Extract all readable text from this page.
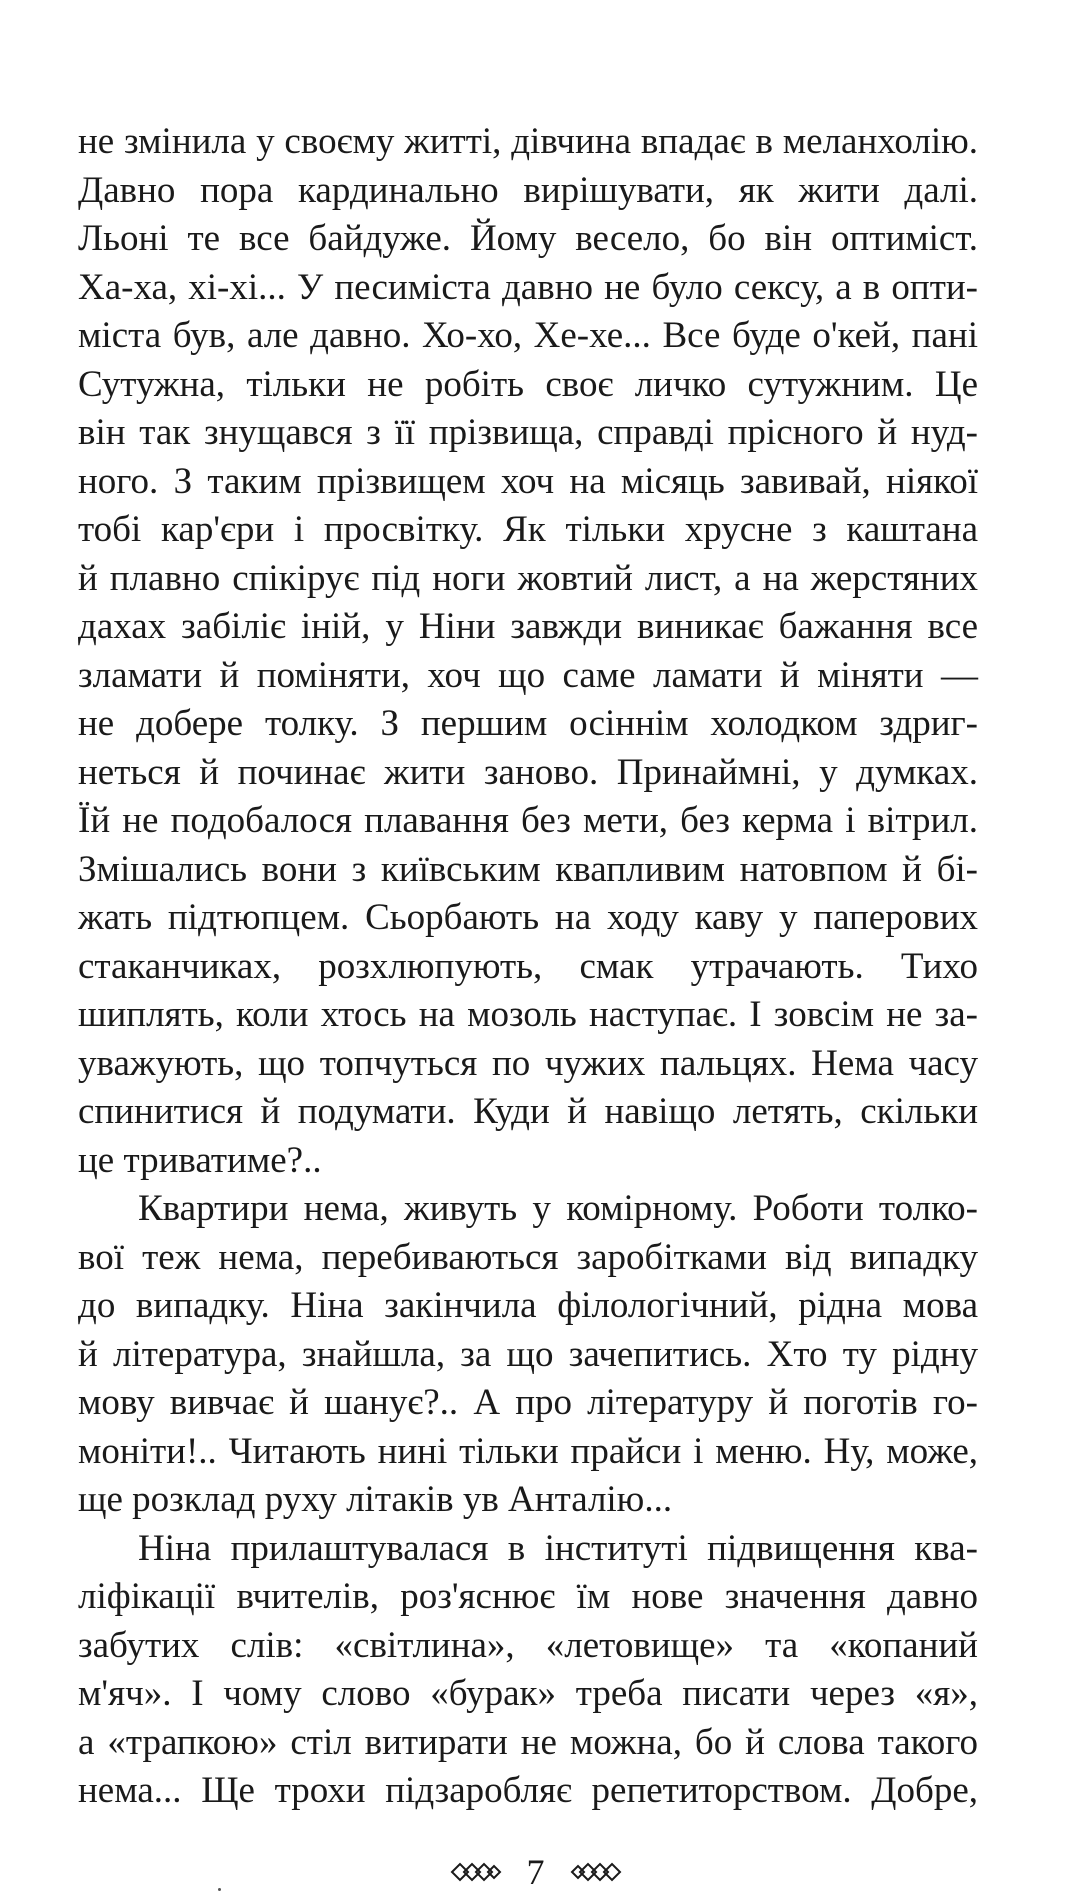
не змінила у своєму житті, дівчина впадає в меланхолію.

Давно пора кардинально вирішувати, як жити далі.

Льоні те все байдуже. Йому весело, бо він оптиміст.

Ха-ха, хі-хі... У песиміста давно не було сексу, а в опти-

міста був, але давно. Хо-хо, Хе-хе... Все буде о'кей, пані

Сутужна, тільки не робіть своє личко сутужним. Це

він так знущався з її прізвища, справді прісного й нуд-

ного. З таким прізвищем хоч на місяць завивай, ніякої

тобі кар'єри і просвітку. Як тільки хрусне з каштана

й плавно спікірує під ноги жовтий лист, а на жерстяних

дахах забіліє іній, у Ніни завжди виникає бажання все

зламати й поміняти, хоч що саме ламати й міняти —

не добере толку. З першим осіннім холодком здриг-

неться й починає жити заново. Принаймні, у думках.

Їй не подобалося плавання без мети, без керма і вітрил.

Змішались вони з київським квапливим натовпом й бі-

жать підтюпцем. Сьорбають на ходу каву у паперових

стаканчиках, розхлюпують, смак утрачають. Тихо

шиплять, коли хтось на мозоль наступає. І зовсім не за-

уважують, що топчуться по чужих пальцях. Нема часу

спинитися й подумати. Куди й навіщо летять, скільки

це триватиме?..

Квартири нема, живуть у комірному. Роботи толко-

вої теж нема, перебиваються заробітками від випадку

до випадку. Ніна закінчила філологічний, рідна мова

й література, знайшла, за що зачепитись. Хто ту рідну

мову вивчає й шанує?.. А про літературу й поготів го-

моніти!.. Читають нині тільки прайси і меню. Ну, може,

ще розклад руху літаків ув Анталію...

Ніна прилаштувалася в інституті підвищення ква-

ліфікації вчителів, роз'яснює їм нове значення давно

забутих слів: «світлина», «летовище» та «копаний

м'яч». І чому слово «бурак» треба писати через «я»,

а «трапкою» стіл витирати не можна, бо й слова такого

нема... Ще трохи підзаробляє репетиторством. Добре,

7
